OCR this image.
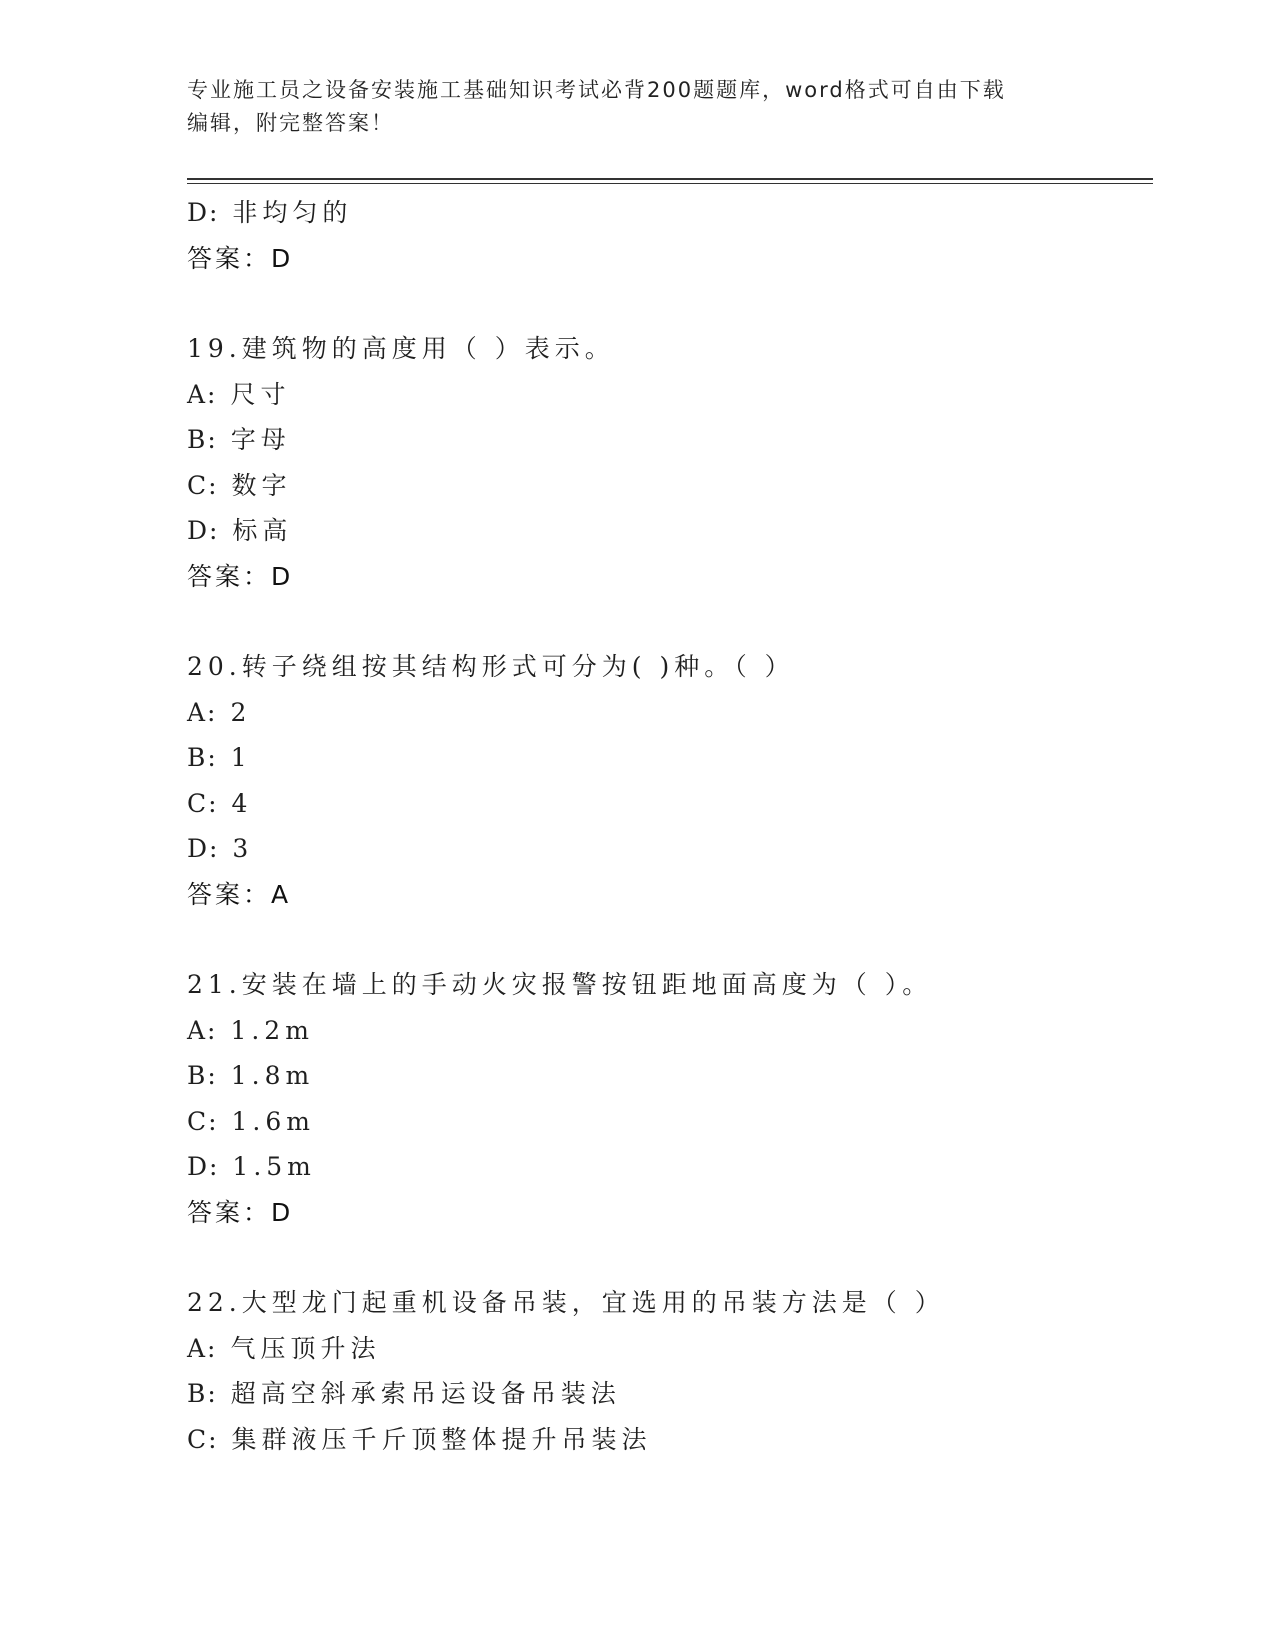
专业施工员之设备安装施工基础知识考试必背200题题库，word格式可自由下载
编辑，附完整答案！
D: 非均匀的
答案：D
19.建筑物的高度用（ ）表示。
A: 尺寸
B: 字母
C: 数字
D: 标高
答案：D
20.转子绕组按其结构形式可分为( )种。（ ）
A: 2
B: 1
C: 4
D: 3
答案：A
21.安装在墙上的手动火灾报警按钮距地面高度为（ ）。
A: 1.2m
B: 1.8m
C: 1.6m
D: 1.5m
答案：D
22.大型龙门起重机设备吊装，宜选用的吊装方法是（ ）
A: 气压顶升法
B: 超高空斜承索吊运设备吊装法
C: 集群液压千斤顶整体提升吊装法
